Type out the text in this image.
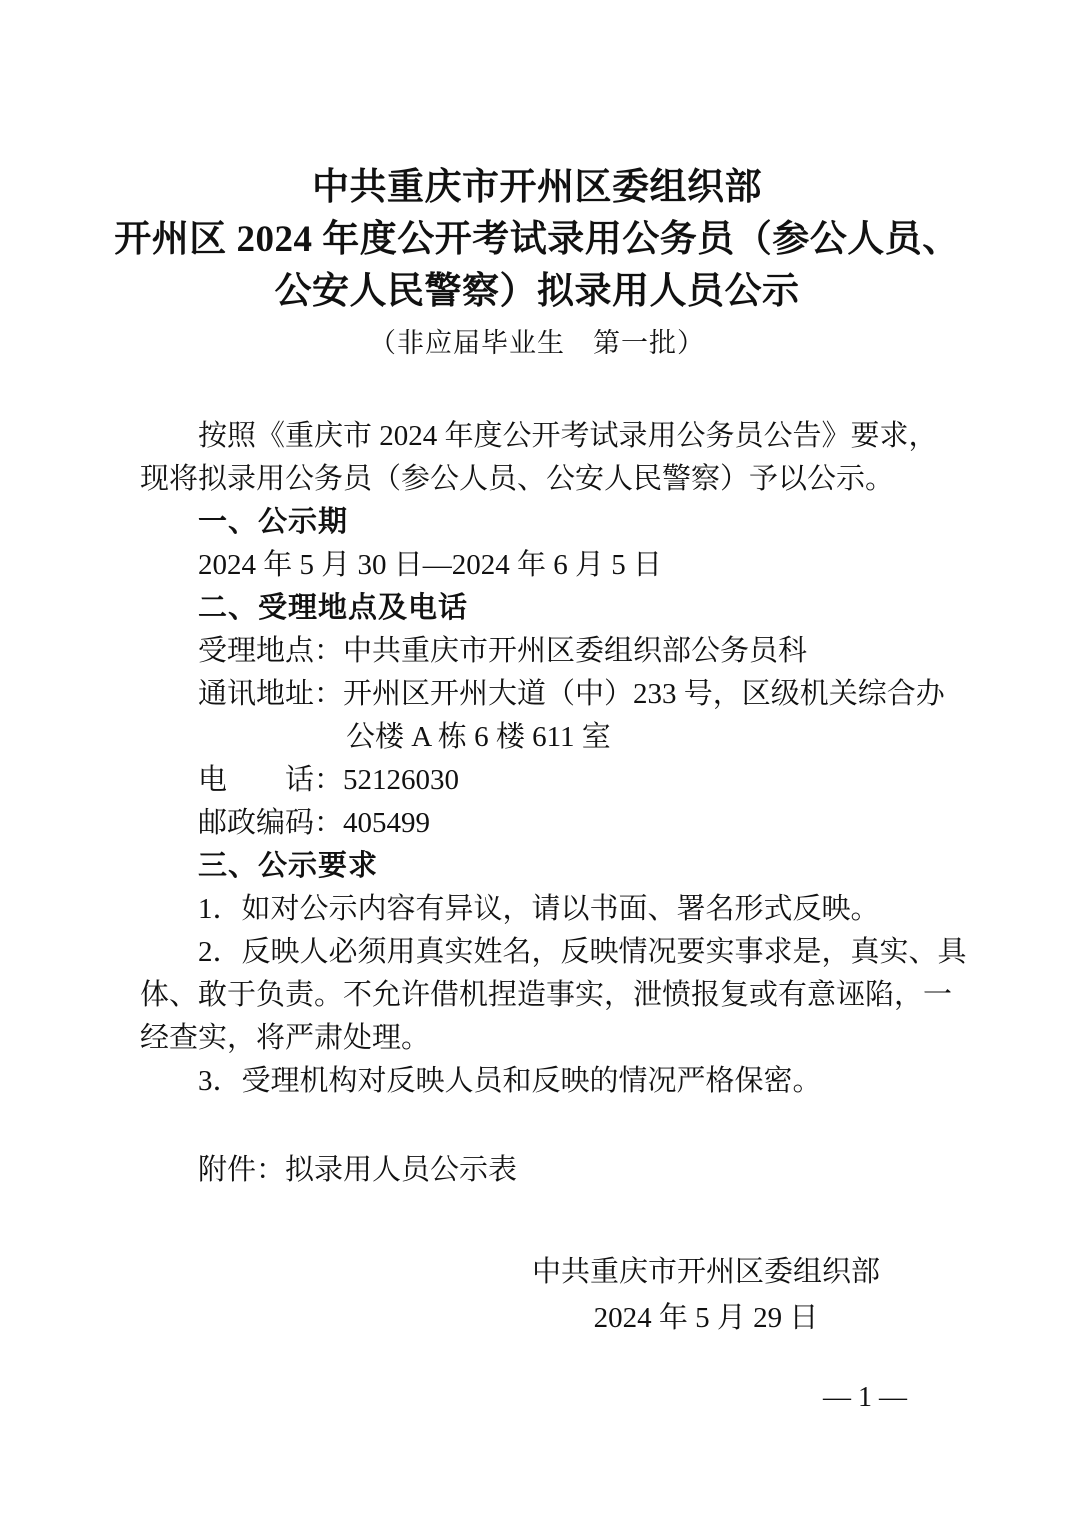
中共重庆市开州区委组织部
开州区 2024 年度公开考试录用公务员（参公人员、
公安人民警察）拟录用人员公示
（非应届毕业生　第一批）
按照《重庆市 2024 年度公开考试录用公务员公告》要求，
现将拟录用公务员（参公人员、公安人民警察）予以公示。
一、公示期
2024 年 5 月 30 日—2024 年 6 月 5 日
二、受理地点及电话
受理地点：中共重庆市开州区委组织部公务员科
通讯地址：开州区开州大道（中）233 号，区级机关综合办
公楼 A 栋 6 楼 611 室
电　　话：52126030
邮政编码：405499
三、公示要求
1．如对公示内容有异议，请以书面、署名形式反映。
2．反映人必须用真实姓名，反映情况要实事求是，真实、具
体、敢于负责。不允许借机捏造事实，泄愤报复或有意诬陷，一
经查实，将严肃处理。
3．受理机构对反映人员和反映的情况严格保密。
附件：拟录用人员公示表
中共重庆市开州区委组织部
2024 年 5 月 29 日
— 1 —
